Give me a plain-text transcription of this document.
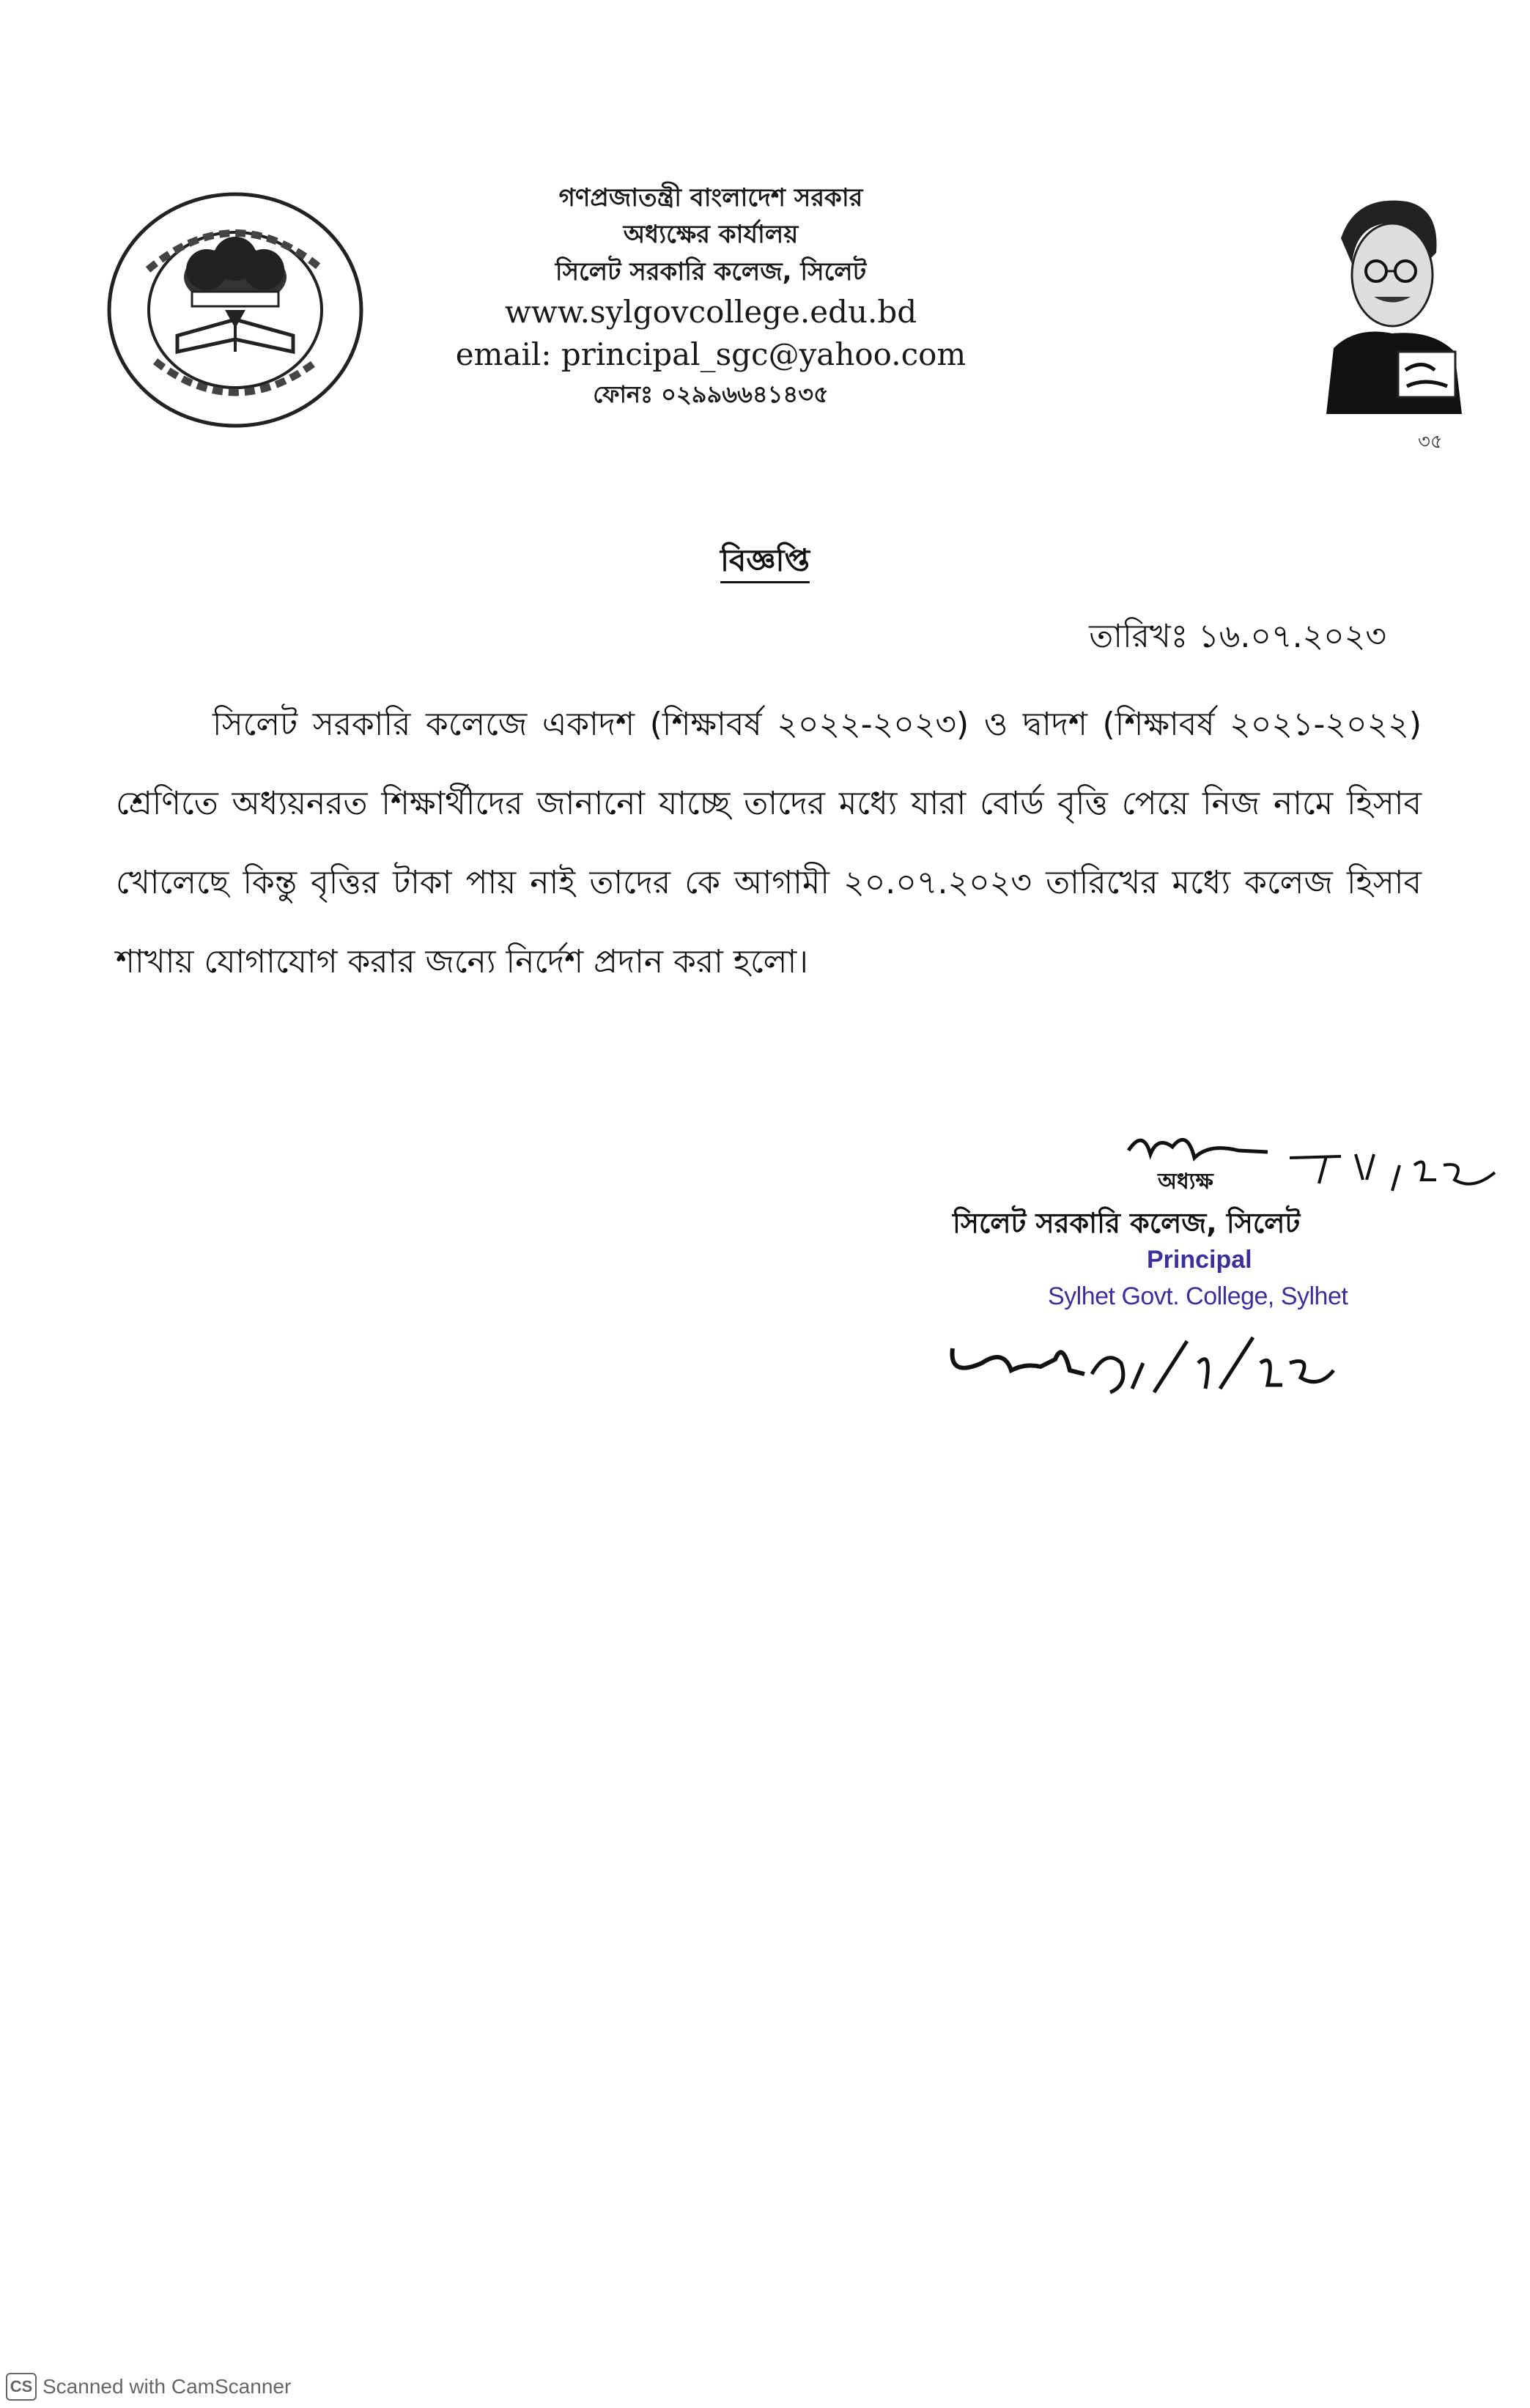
গণপ্রজাতন্ত্রী বাংলাদেশ সরকার
অধ্যক্ষের কার্যালয়
সিলেট সরকারি কলেজ, সিলেট
www.sylgovcollege.edu.bd
email: principal_sgc@yahoo.com
ফোনঃ ০২৯৯৬৬৪১৪৩৫
৩৫
বিজ্ঞপ্তি
তারিখঃ ১৬.০৭.২০২৩
সিলেট সরকারি কলেজে একাদশ (শিক্ষাবর্ষ ২০২২-২০২৩) ও দ্বাদশ (শিক্ষাবর্ষ ২০২১-২০২২) শ্রেণিতে অধ্যয়নরত শিক্ষার্থীদের জানানো যাচ্ছে তাদের মধ্যে যারা বোর্ড বৃত্তি পেয়ে নিজ নামে হিসাব খোলেছে কিন্তু বৃত্তির টাকা পায় নাই তাদের কে আগামী ২০.০৭.২০২৩ তারিখের মধ্যে কলেজ হিসাব শাখায় যোগাযোগ করার জন্যে নির্দেশ প্রদান করা হলো।
অধ্যক্ষ
সিলেট সরকারি কলেজ, সিলেট
Principal
Sylhet Govt. College, Sylhet
CS Scanned with CamScanner
